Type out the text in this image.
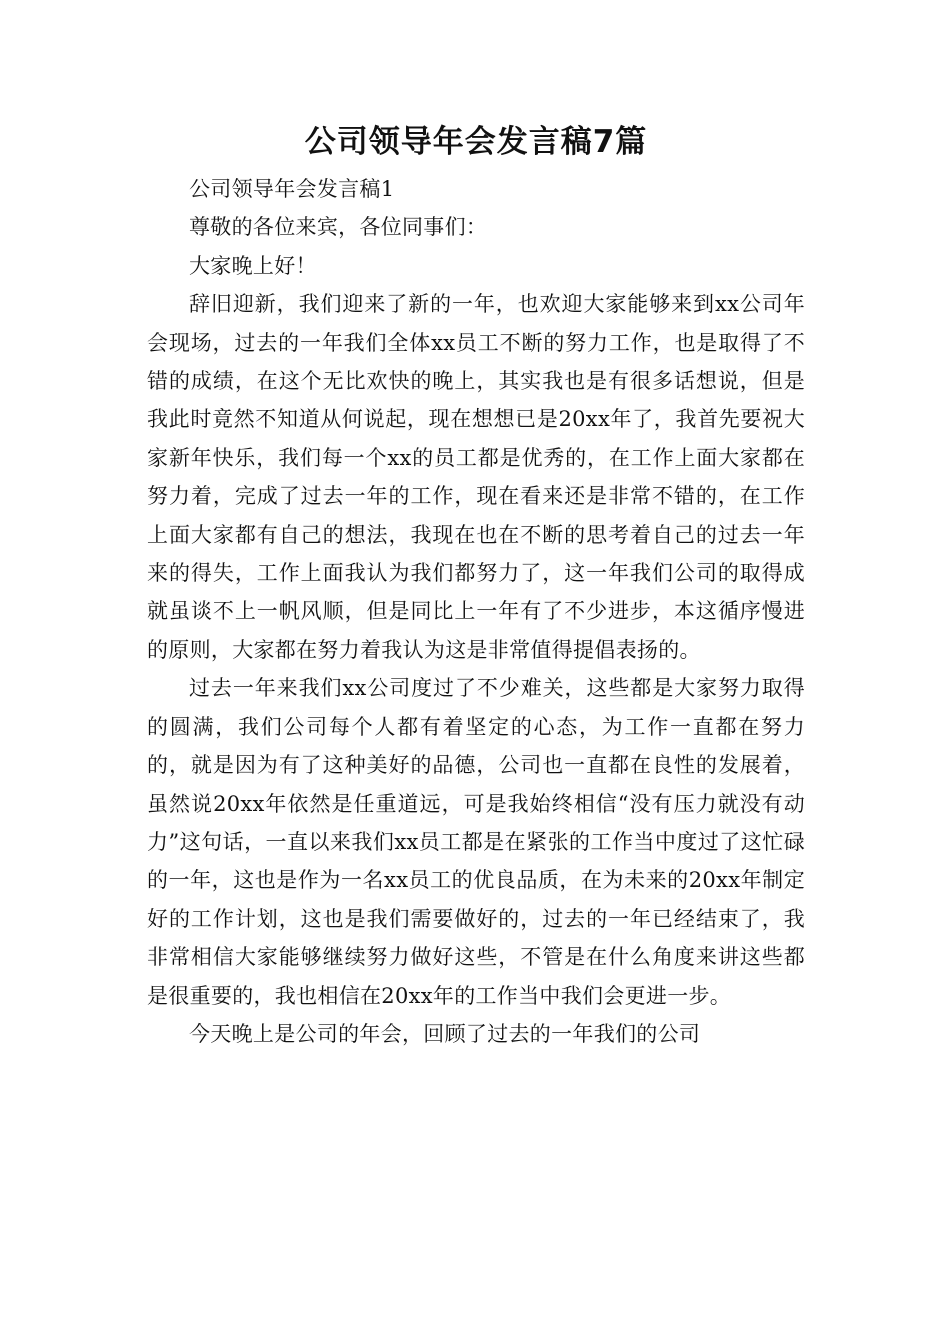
公司领导年会发言稿7篇

公司领导年会发言稿1

尊敬的各位来宾，各位同事们：

大家晚上好！

辞旧迎新，我们迎来了新的一年，也欢迎大家能够来到xx公司年会现场，过去的一年我们全体xx员工不断的努力工作，也是取得了不错的成绩，在这个无比欢快的晚上，其实我也是有很多话想说，但是我此时竟然不知道从何说起，现在想想已是20xx年了，我首先要祝大家新年快乐，我们每一个xx的员工都是优秀的，在工作上面大家都在努力着，完成了过去一年的工作，现在看来还是非常不错的，在工作上面大家都有自己的想法，我现在也在不断的思考着自己的过去一年来的得失，工作上面我认为我们都努力了，这一年我们公司的取得成就虽谈不上一帆风顺，但是同比上一年有了不少进步，本这循序慢进的原则，大家都在努力着我认为这是非常值得提倡表扬的。

过去一年来我们xx公司度过了不少难关，这些都是大家努力取得的圆满，我们公司每个人都有着坚定的心态，为工作一直都在努力的，就是因为有了这种美好的品德，公司也一直都在良性的发展着，虽然说20xx年依然是任重道远，可是我始终相信“没有压力就没有动力”这句话，一直以来我们xx员工都是在紧张的工作当中度过了这忙碌的一年，这也是作为一名xx员工的优良品质，在为未来的20xx年制定好的工作计划，这也是我们需要做好的，过去的一年已经结束了，我非常相信大家能够继续努力做好这些，不管是在什么角度来讲这些都是很重要的，我也相信在20xx年的工作当中我们会更进一步。

今天晚上是公司的年会，回顾了过去的一年我们的公司
